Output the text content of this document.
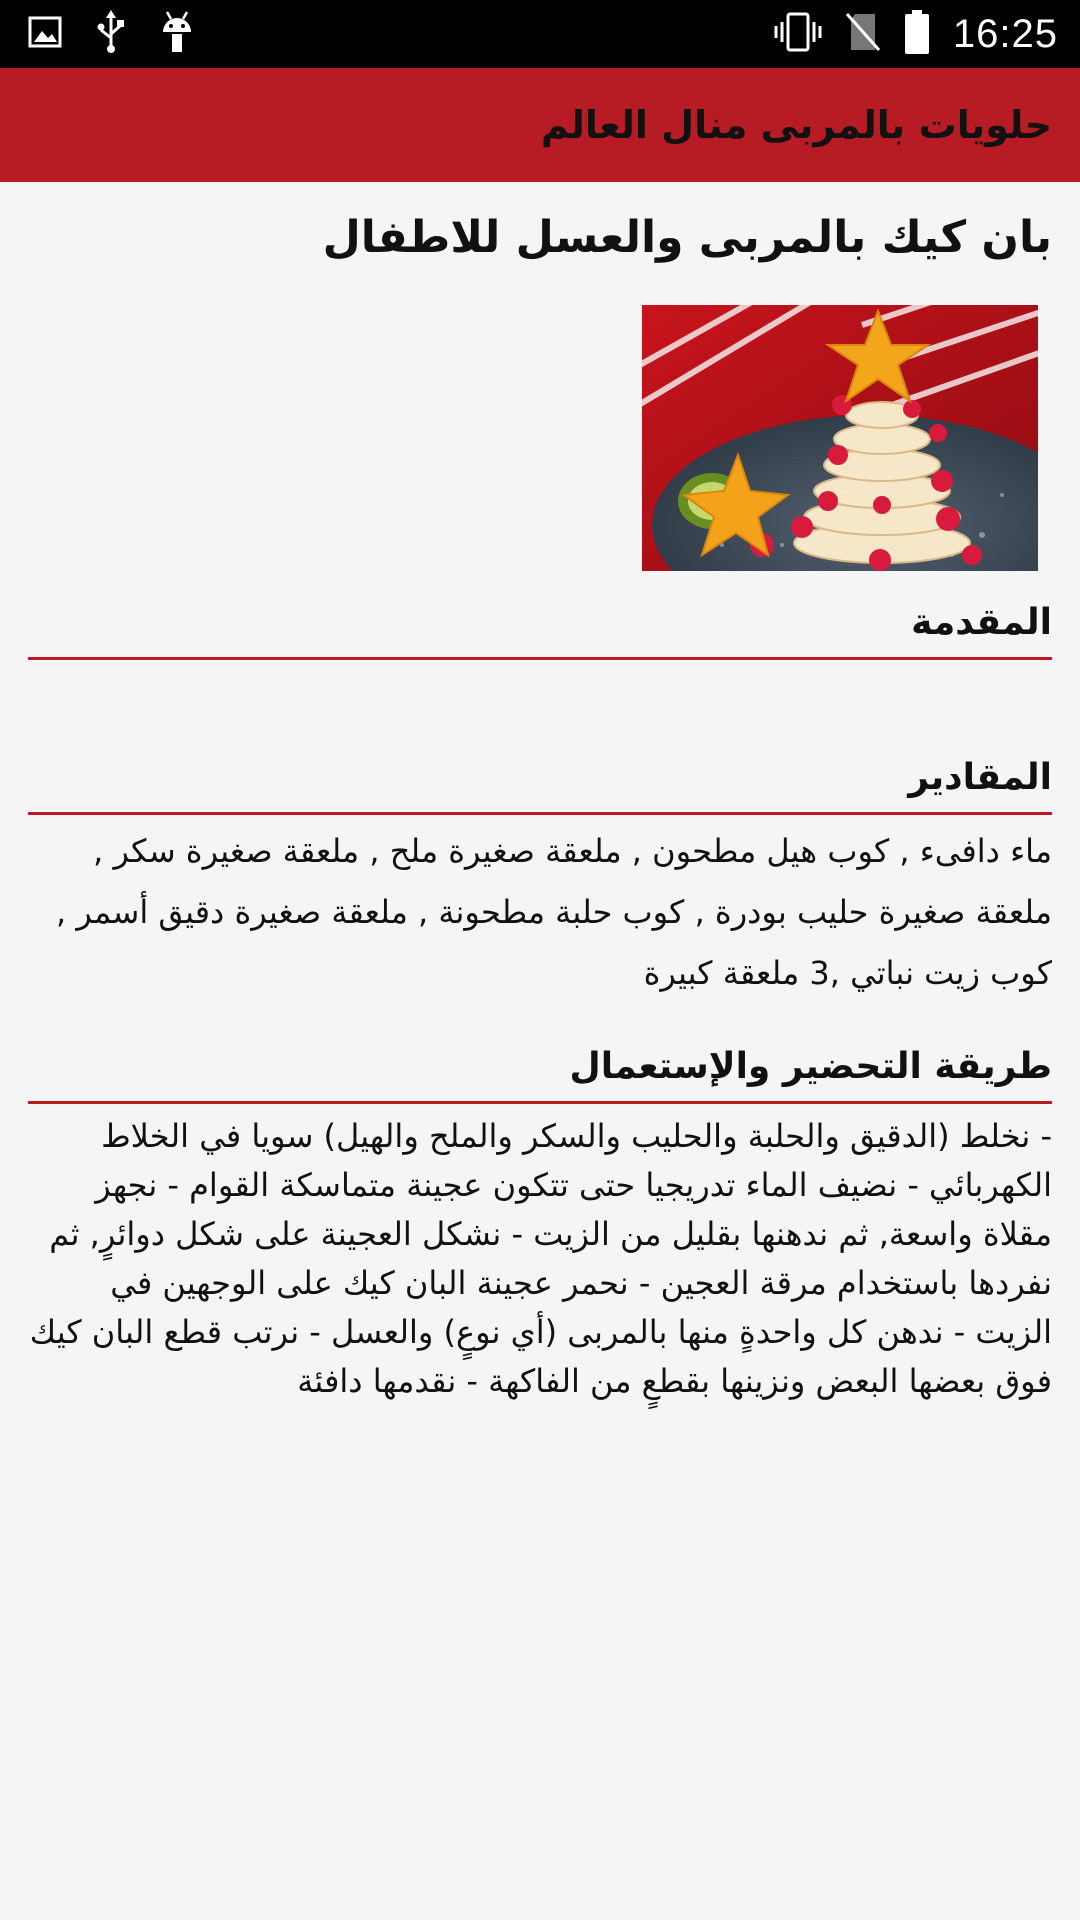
16:25
حلويات بالمربى منال العالم
بان كيك بالمربى والعسل للاطفال
المقدمة
المقادير
ماء دافىء , كوب هيل مطحون , ملعقة صغيرة ملح , ملعقة صغيرة سكر , ملعقة صغيرة حليب بودرة , كوب حلبة مطحونة , ملعقة صغيرة دقيق أسمر , كوب زيت نباتي ,3 ملعقة كبيرة
طريقة التحضير والإستعمال
- نخلط (الدقيق والحلبة والحليب والسكر والملح والهيل) سويا في الخلاط الكهربائي - نضيف الماء تدريجيا حتى تتكون عجينة متماسكة القوام - نجهز مقلاة واسعة, ثم ندهنها بقليل من الزيت - نشكل العجينة على شكل دوائرٍ, ثم نفردها باستخدام مرقة العجين - نحمر عجينة البان كيك على الوجهين في الزيت - ندهن كل واحدةٍ منها بالمربى (أي نوعٍ) والعسل - نرتب قطع البان كيك فوق بعضها البعض ونزينها بقطعٍ من الفاكهة - نقدمها دافئة
